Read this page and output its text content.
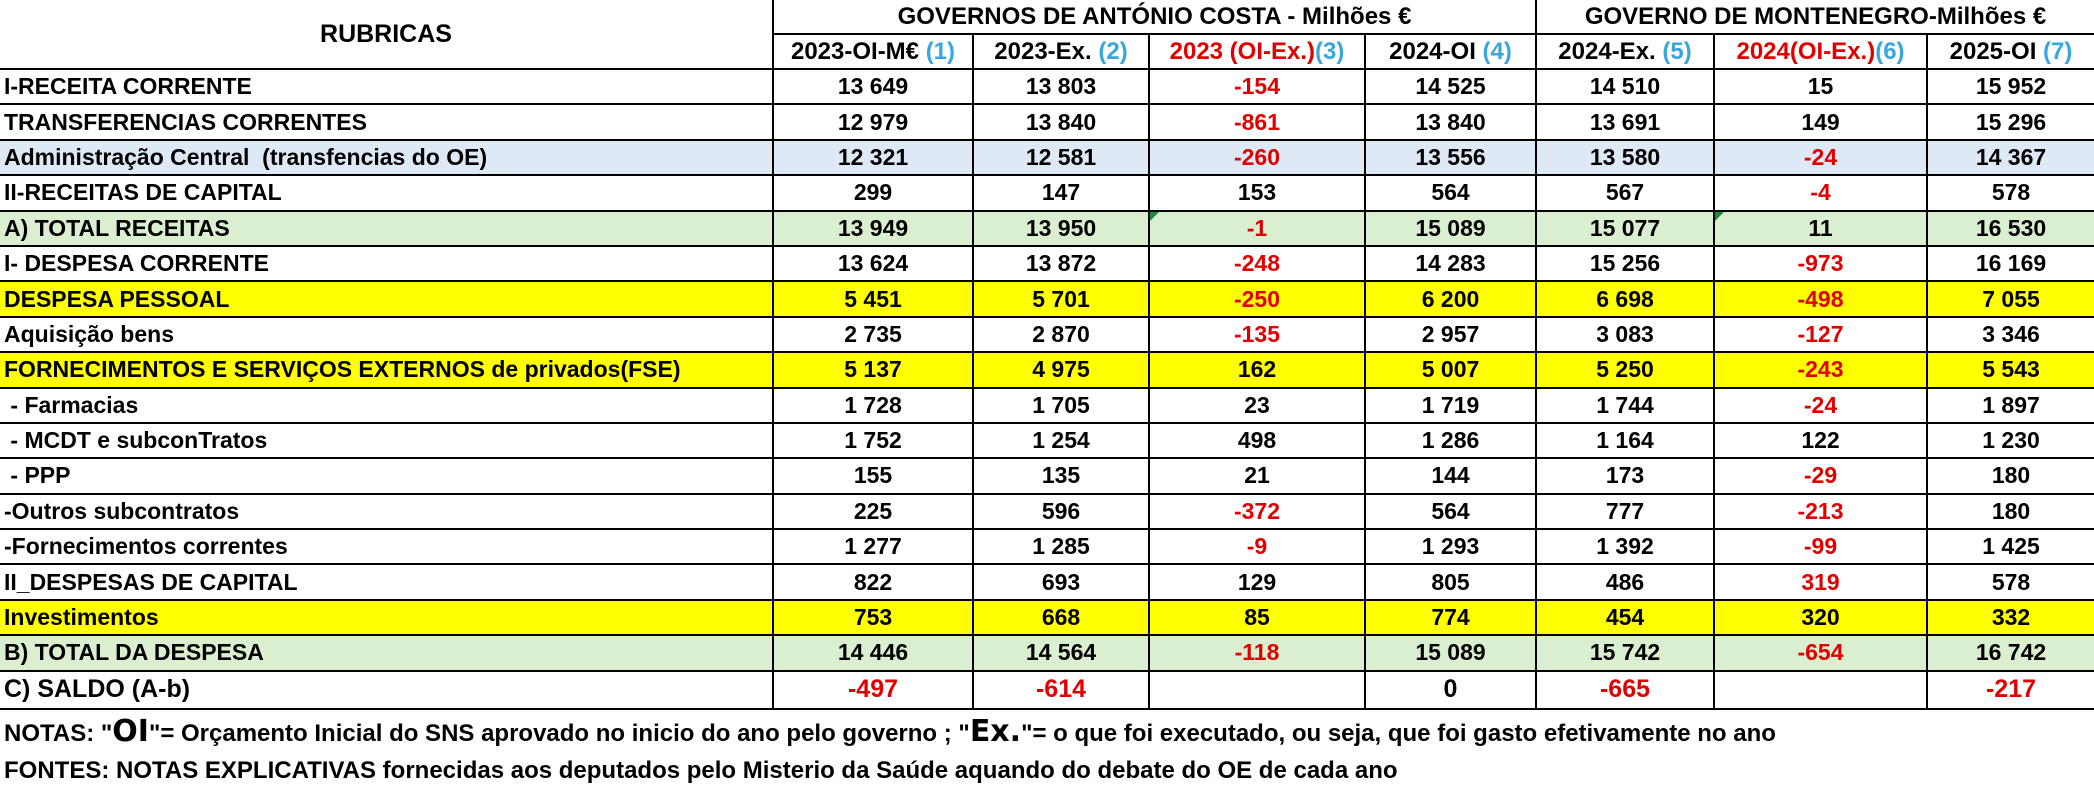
RUBRICAS	GOVERNOS DE ANTÓNIO COSTA - Milhões €				GOVERNO DE MONTENEGRO-Milhões €		
	2023-OI-M€ (1)	2023-Ex. (2)	2023 (OI-Ex.)(3)	2024-OI (4)	2024-Ex. (5)	2024(OI-Ex.)(6)	2025-OI (7)
I-RECEITA CORRENTE	13 649	13 803	-154	14 525	14 510	15	15 952
TRANSFERENCIAS CORRENTES	12 979	13 840	-861	13 840	13 691	149	15 296
Administração Central  (transfencias do OE)	12 321	12 581	-260	13 556	13 580	-24	14 367
II-RECEITAS DE CAPITAL	299	147	153	564	567	-4	578
A) TOTAL RECEITAS	13 949	13 950	-1	15 089	15 077	11	16 530
I- DESPESA CORRENTE	13 624	13 872	-248	14 283	15 256	-973	16 169
DESPESA PESSOAL	5 451	5 701	-250	6 200	6 698	-498	7 055
Aquisição bens	2 735	2 870	-135	2 957	3 083	-127	3 346
FORNECIMENTOS E SERVIÇOS EXTERNOS de privados(FSE)	5 137	4 975	162	5 007	5 250	-243	5 543
- Farmacias	1 728	1 705	23	1 719	1 744	-24	1 897
- MCDT e subconTratos	1 752	1 254	498	1 286	1 164	122	1 230
- PPP	155	135	21	144	173	-29	180
-Outros subcontratos	225	596	-372	564	777	-213	180
-Fornecimentos correntes	1 277	1 285	-9	1 293	1 392	-99	1 425
II_DESPESAS DE CAPITAL	822	693	129	805	486	319	578
Investimentos	753	668	85	774	454	320	332
B) TOTAL DA DESPESA	14 446	14 564	-118	15 089	15 742	-654	16 742
C) SALDO (A-b)	-497	-614		0	-665		-217
NOTAS: "OI"= Orçamento Inicial do SNS aprovado no inicio do ano pelo governo ; "Ex."= o que foi executado, ou seja, que foi gasto efetivamente no ano
FONTES: NOTAS EXPLICATIVAS fornecidas aos deputados pelo Misterio da Saúde aquando do debate do OE de cada ano
